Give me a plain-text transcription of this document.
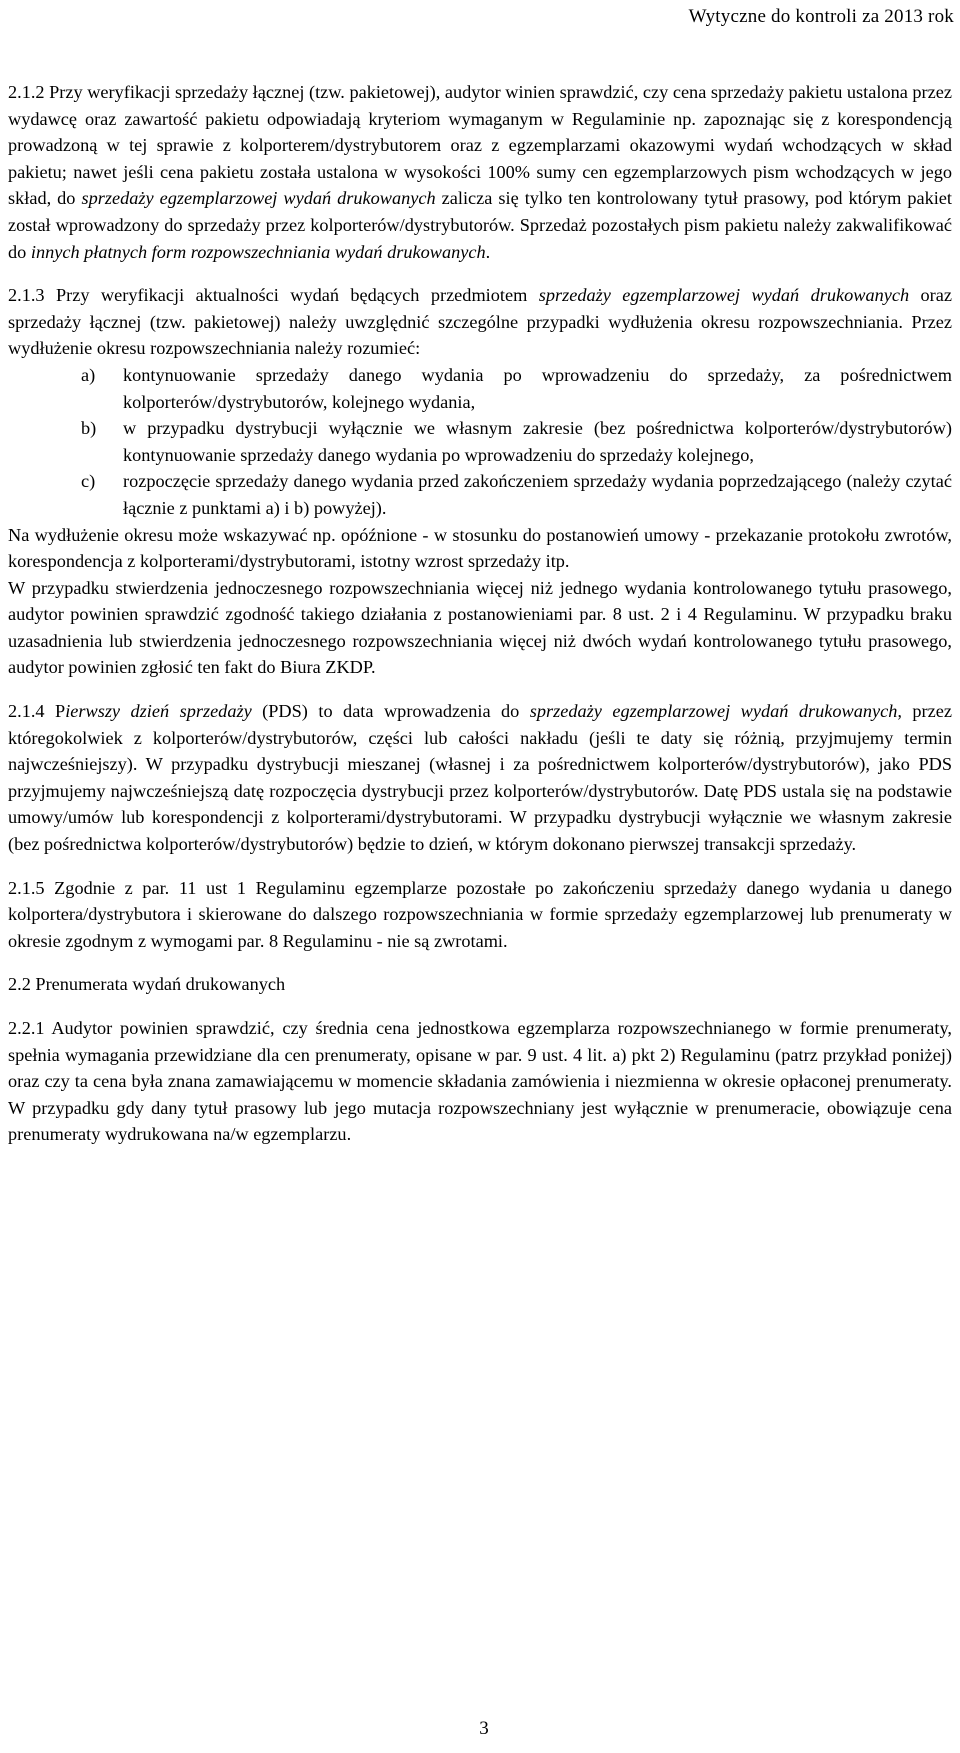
Wytyczne do kontroli za 2013 rok

2.1.2 Przy weryfikacji sprzedaży łącznej (tzw. pakietowej), audytor winien sprawdzić, czy cena sprzedaży pakietu ustalona przez wydawcę oraz zawartość pakietu odpowiadają kryteriom wymaganym w Regulaminie np. zapoznając się z korespondencją prowadzoną w tej sprawie z kolporterem/dystrybutorem oraz z egzemplarzami okazowymi wydań wchodzących w skład pakietu; nawet jeśli cena pakietu została ustalona w wysokości 100% sumy cen egzemplarzowych pism wchodzących w jego skład, do sprzedaży egzemplarzowej wydań drukowanych zalicza się tylko ten kontrolowany tytuł prasowy, pod którym pakiet został wprowadzony do sprzedaży przez kolporterów/dystrybutorów. Sprzedaż pozostałych pism pakietu należy zakwalifikować do innych płatnych form rozpowszechniania wydań drukowanych.

2.1.3 Przy weryfikacji aktualności wydań będących przedmiotem sprzedaży egzemplarzowej wydań drukowanych oraz sprzedaży łącznej (tzw. pakietowej) należy uwzględnić szczególne przypadki wydłużenia okresu rozpowszechniania. Przez wydłużenie okresu rozpowszechniania należy rozumieć:

a) kontynuowanie sprzedaży danego wydania po wprowadzeniu do sprzedaży, za pośrednictwem kolporterów/dystrybutorów, kolejnego wydania,
b) w przypadku dystrybucji wyłącznie we własnym zakresie (bez pośrednictwa kolporterów/dystrybutorów) kontynuowanie sprzedaży danego wydania po wprowadzeniu do sprzedaży kolejnego,
c) rozpoczęcie sprzedaży danego wydania przed zakończeniem sprzedaży wydania poprzedzającego (należy czytać łącznie z punktami a) i b) powyżej).

Na wydłużenie okresu może wskazywać np. opóźnione - w stosunku do postanowień umowy - przekazanie protokołu zwrotów, korespondencja z kolporterami/dystrybutorami, istotny wzrost sprzedaży itp.

W przypadku stwierdzenia jednoczesnego rozpowszechniania więcej niż jednego wydania kontrolowanego tytułu prasowego, audytor powinien sprawdzić zgodność takiego działania z postanowieniami par. 8 ust. 2 i 4 Regulaminu. W przypadku braku uzasadnienia lub stwierdzenia jednoczesnego rozpowszechniania więcej niż dwóch wydań kontrolowanego tytułu prasowego, audytor powinien zgłosić ten fakt do Biura ZKDP.

2.1.4 Pierwszy dzień sprzedaży (PDS) to data wprowadzenia do sprzedaży egzemplarzowej wydań drukowanych, przez któregokolwiek z kolporterów/dystrybutorów, części lub całości nakładu (jeśli te daty się różnią, przyjmujemy termin najwcześniejszy). W przypadku dystrybucji mieszanej (własnej i za pośrednictwem kolporterów/dystrybutorów), jako PDS przyjmujemy najwcześniejszą datę rozpoczęcia dystrybucji przez kolporterów/dystrybutorów. Datę PDS ustala się na podstawie umowy/umów lub korespondencji z kolporterami/dystrybutorami. W przypadku dystrybucji wyłącznie we własnym zakresie (bez pośrednictwa kolporterów/dystrybutorów) będzie to dzień, w którym dokonano pierwszej transakcji sprzedaży.

2.1.5 Zgodnie z par. 11 ust 1 Regulaminu egzemplarze pozostałe po zakończeniu sprzedaży danego wydania u danego kolportera/dystrybutora i skierowane do dalszego rozpowszechniania w formie sprzedaży egzemplarzowej lub prenumeraty w okresie zgodnym z wymogami par. 8 Regulaminu - nie są zwrotami.

2.2 Prenumerata wydań drukowanych

2.2.1 Audytor powinien sprawdzić, czy średnia cena jednostkowa egzemplarza rozpowszechnianego w formie prenumeraty, spełnia wymagania przewidziane dla cen prenumeraty, opisane w par. 9 ust. 4 lit. a) pkt 2) Regulaminu (patrz przykład poniżej) oraz czy ta cena była znana zamawiającemu w momencie składania zamówienia i niezmienna w okresie opłaconej prenumeraty. W przypadku gdy dany tytuł prasowy lub jego mutacja rozpowszechniany jest wyłącznie w prenumeracie, obowiązuje cena prenumeraty wydrukowana na/w egzemplarzu.

3
